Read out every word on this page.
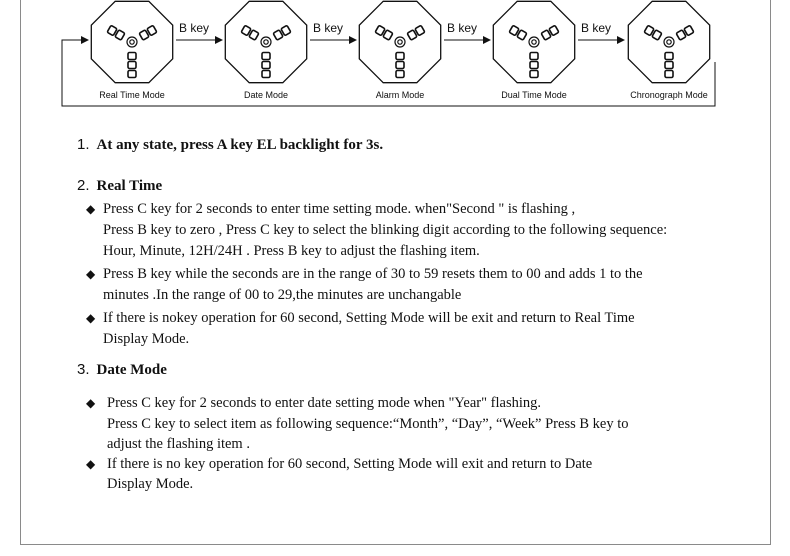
B key	B key	B key	B key
Real Time Mode	Date Mode	Alarm Mode	Dual Time Mode	Chronograph Mode
1. At any state, press A key EL backlight for 3s.
2. Real Time
◆ Press C key for 2 seconds to enter time setting mode. when"Second " is flashing ,
Press B key to zero , Press C key to select the blinking digit according to the following sequence:
Hour, Minute, 12H/24H . Press B key to adjust the flashing item.
◆ Press B key while the seconds are in the range of 30 to 59 resets them to 00 and adds 1 to the
minutes .In the range of 00 to 29,the minutes are unchangable
◆ If there is nokey operation for 60 second, Setting Mode will be exit and return to Real Time
Display Mode.
3. Date Mode
◆ Press C key for 2 seconds to enter date setting mode when "Year" flashing.
Press C key to select item as following sequence:“Month”, “Day”, “Week” Press B key to
adjust the flashing item .
◆ If there is no key operation for 60 second, Setting Mode will exit and return to Date
Display Mode.
